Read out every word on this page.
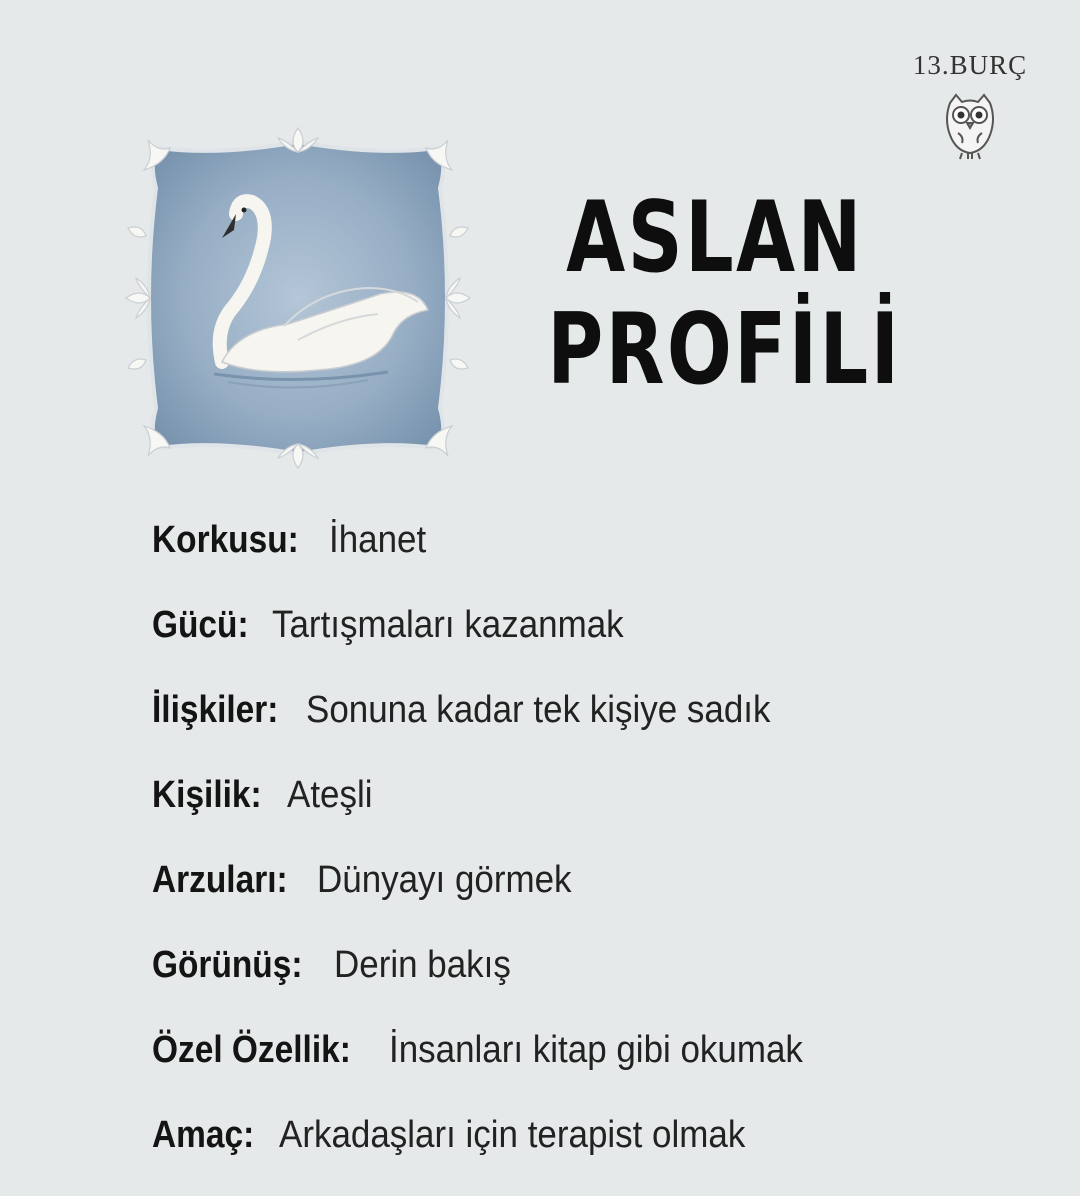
13.BURÇ
ASLAN
PROFİLİ
Korkusu: İhanet
Gücü: Tartışmaları kazanmak
İlişkiler: Sonuna kadar tek kişiye sadık
Kişilik: Ateşli
Arzuları: Dünyayı görmek
Görünüş: Derin bakış
Özel Özellik: İnsanları kitap gibi okumak
Amaç: Arkadaşları için terapist olmak
